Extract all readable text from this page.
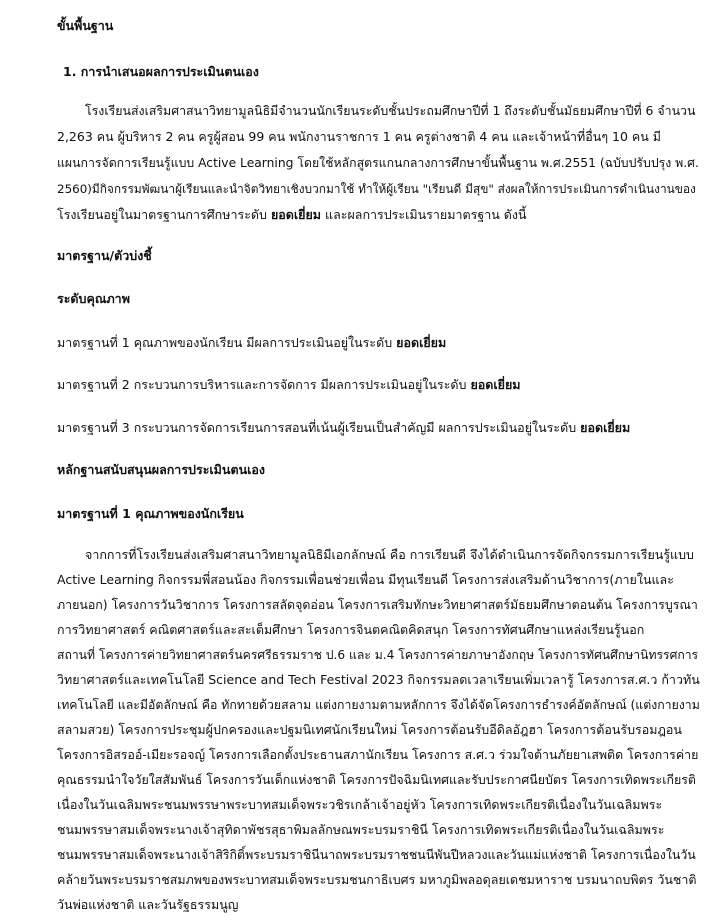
ขั้นพื้นฐาน
1. การนำเสนอผลการประเมินตนเอง
โรงเรียนส่งเสริมศาสนาวิทยามูลนิธิมีจำนวนนักเรียนระดับชั้นประถมศึกษาปีที่ 1 ถึงระดับชั้นมัธยมศึกษาปีที่ 6 จำนวน
2,263 คน ผู้บริหาร 2 คน ครูผู้สอน 99 คน พนักงานราชการ 1 คน ครูต่างชาติ 4 คน และเจ้าหน้าที่อื่นๆ 10 คน มี
แผนการจัดการเรียนรู้แบบ Active Learning โดยใช้หลักสูตรแกนกลางการศึกษาขั้นพื้นฐาน พ.ศ.2551 (ฉบับปรับปรุง พ.ศ.
2560)มีกิจกรรมพัฒนาผู้เรียนและนำจิตวิทยาเชิงบวกมาใช้ ทำให้ผู้เรียน "เรียนดี มีสุข" ส่งผลให้การประเมินการดำเนินงานของ
โรงเรียนอยู่ในมาตรฐานการศึกษาระดับ ยอดเยี่ยม และผลการประเมินรายมาตรฐาน ดังนี้
มาตรฐาน/ตัวบ่งชี้
ระดับคุณภาพ
มาตรฐานที่ 1 คุณภาพของนักเรียน มีผลการประเมินอยู่ในระดับ ยอดเยี่ยม
มาตรฐานที่ 2 กระบวนการบริหารและการจัดการ มีผลการประเมินอยู่ในระดับ ยอดเยี่ยม
มาตรฐานที่ 3 กระบวนการจัดการเรียนการสอนที่เน้นผู้เรียนเป็นสำคัญมี ผลการประเมินอยู่ในระดับ ยอดเยี่ยม
หลักฐานสนับสนุนผลการประเมินตนเอง
มาตรฐานที่ 1 คุณภาพของนักเรียน
จากการที่โรงเรียนส่งเสริมศาสนาวิทยามูลนิธิมีเอกลักษณ์ คือ การเรียนดี จึงได้ดำเนินการจัดกิจกรรมการเรียนรู้แบบ
Active Learning กิจกรรมพี่สอนน้อง กิจกรรมเพื่อนช่วยเพื่อน มีทุนเรียนดี โครงการส่งเสริมด้านวิชาการ(ภายในและ
ภายนอก) โครงการวันวิชาการ โครงการสลัดจุดอ่อน โครงการเสริมทักษะวิทยาศาสตร์มัธยมศึกษาตอนต้น โครงการบูรณา
การวิทยาศาสตร์ คณิตศาสตร์และสะเต็มศึกษา โครงการจินตคณิตคิดสนุก โครงการทัศนศึกษาแหล่งเรียนรู้นอก
สถานที่ โครงการค่ายวิทยาศาสตร์นครศรีธรรมราช ป.6 และ ม.4 โครงการค่ายภาษาอังกฤษ โครงการทัศนศึกษานิทรรศการ
วิทยาศาสตร์และเทคโนโลยี Science and Tech Festival 2023 กิจกรรมลดเวลาเรียนเพิ่มเวลารู้ โครงการส.ศ.ว ก้าวทัน
เทคโนโลยี และมีอัตลักษณ์ คือ ทักทายด้วยสลาม แต่งกายงามตามหลักการ จึงได้จัดโครงการธำรงค์อัตลักษณ์ (แต่งกายงาม
สลามสวย) โครงการประชุมผู้ปกครองและปฐมนิเทศนักเรียนใหม่ โครงการต้อนรับอีดิลอัฎฮา โครงการต้อนรับรอมฎอน
โครงการอิสรออ์-เมียะรอจญ์ โครงการเลือกตั้งประธานสภานักเรียน โครงการ ส.ศ.ว ร่วมใจต้านภัยยาเสพติด โครงการค่าย
คุณธรรมนำใจวัยใสสัมพันธ์ โครงการวันเด็กแห่งชาติ โครงการปัจฉิมนิเทศและรับประกาศนียบัตร โครงการเทิดพระเกียรติ
เนื่องในวันเฉลิมพระชนมพรรษาพระบาทสมเด็จพระวชิรเกล้าเจ้าอยู่หัว โครงการเทิดพระเกียรติเนื่องในวันเฉลิมพระ
ชนมพรรษาสมเด็จพระนางเจ้าสุทิดาพัชรสุธาพิมลลักษณพระบรมราชินี โครงการเทิดพระเกียรติเนื่องในวันเฉลิมพระ
ชนมพรรษาสมเด็จพระนางเจ้าสิริกิติ์พระบรมราชินีนาถพระบรมราชชนนีพันปีหลวงและวันแม่แห่งชาติ โครงการเนื่องในวัน
คล้ายวันพระบรมราชสมภพของพระบาทสมเด็จพระบรมชนกาธิเบศร มหาภูมิพลอดุลยเดชมหาราช บรมนาถบพิตร วันชาติ
วันพ่อแห่งชาติ และวันรัฐธรรมนูญ
